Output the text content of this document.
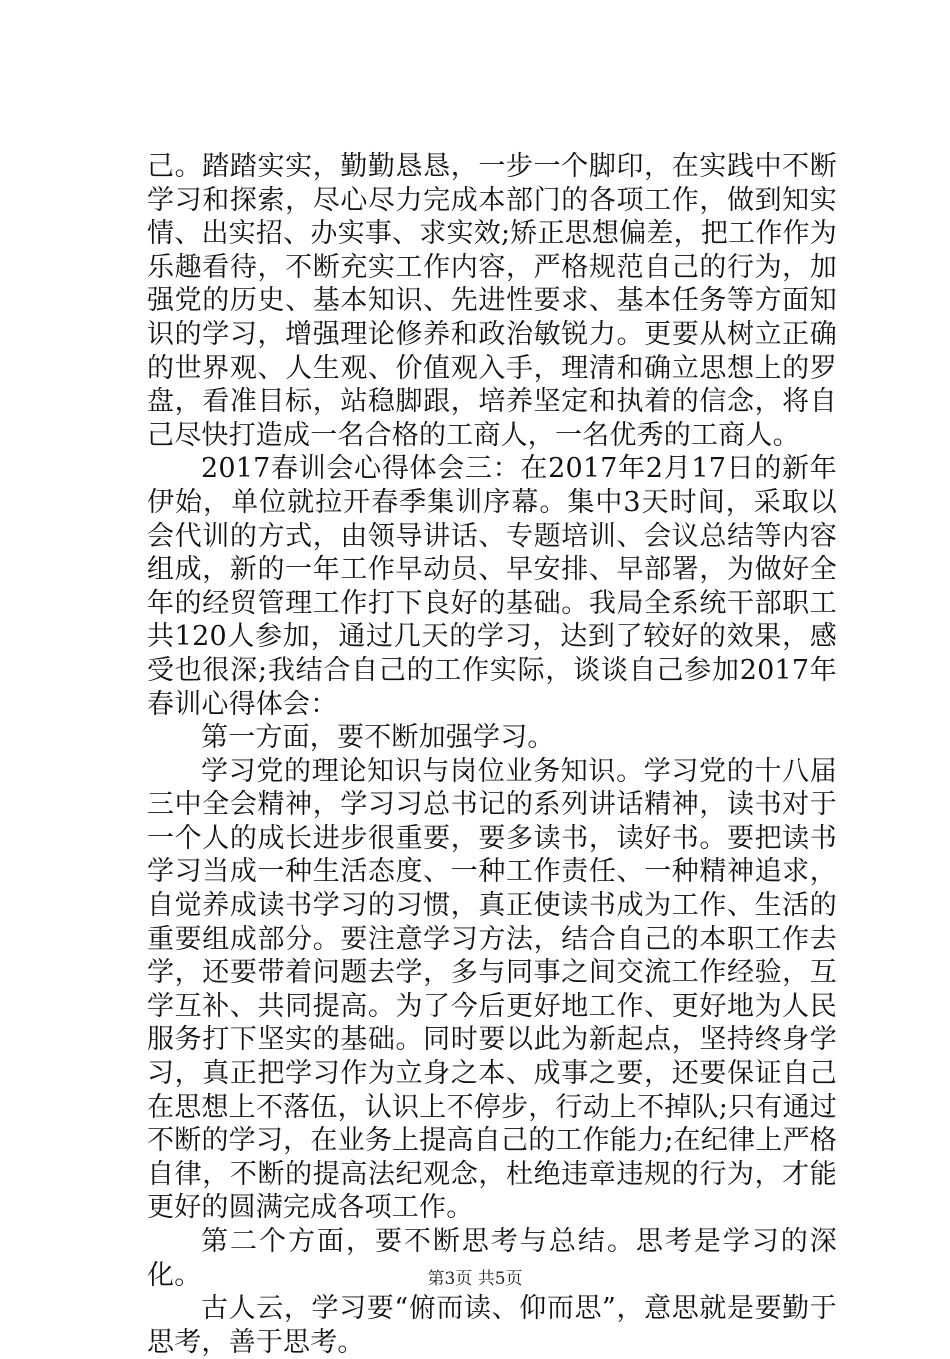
己。踏踏实实，勤勤恳恳，一步一个脚印，在实践中不断学习和探索，尽心尽力完成本部门的各项工作，做到知实情、出实招、办实事、求实效;矫正思想偏差，把工作作为乐趣看待，不断充实工作内容，严格规范自己的行为，加强党的历史、基本知识、先进性要求、基本任务等方面知识的学习，增强理论修养和政治敏锐力。更要从树立正确的世界观、人生观、价值观入手，理清和确立思想上的罗盘，看准目标，站稳脚跟，培养坚定和执着的信念，将自己尽快打造成一名合格的工商人，一名优秀的工商人。

2017春训会心得体会三：在2017年2月17日的新年伊始，单位就拉开春季集训序幕。集中3天时间，采取以会代训的方式，由领导讲话、专题培训、会议总结等内容组成，新的一年工作早动员、早安排、早部署，为做好全年的经贸管理工作打下良好的基础。我局全系统干部职工共120人参加，通过几天的学习，达到了较好的效果，感受也很深;我结合自己的工作实际，谈谈自己参加2017年春训心得体会：

第一方面，要不断加强学习。

学习党的理论知识与岗位业务知识。学习党的十八届三中全会精神，学习习总书记的系列讲话精神，读书对于一个人的成长进步很重要，要多读书，读好书。要把读书学习当成一种生活态度、一种工作责任、一种精神追求，自觉养成读书学习的习惯，真正使读书成为工作、生活的重要组成部分。要注意学习方法，结合自己的本职工作去学，还要带着问题去学，多与同事之间交流工作经验，互学互补、共同提高。为了今后更好地工作、更好地为人民服务打下坚实的基础。同时要以此为新起点，坚持终身学习，真正把学习作为立身之本、成事之要，还要保证自己在思想上不落伍，认识上不停步，行动上不掉队;只有通过不断的学习，在业务上提高自己的工作能力;在纪律上严格自律，不断的提高法纪观念，杜绝违章违规的行为，才能更好的圆满完成各项工作。

第二个方面，要不断思考与总结。思考是学习的深化。

古人云，学习要“俯而读、仰而思”，意思就是要勤于思考，善于思考。

第3页 共5页
